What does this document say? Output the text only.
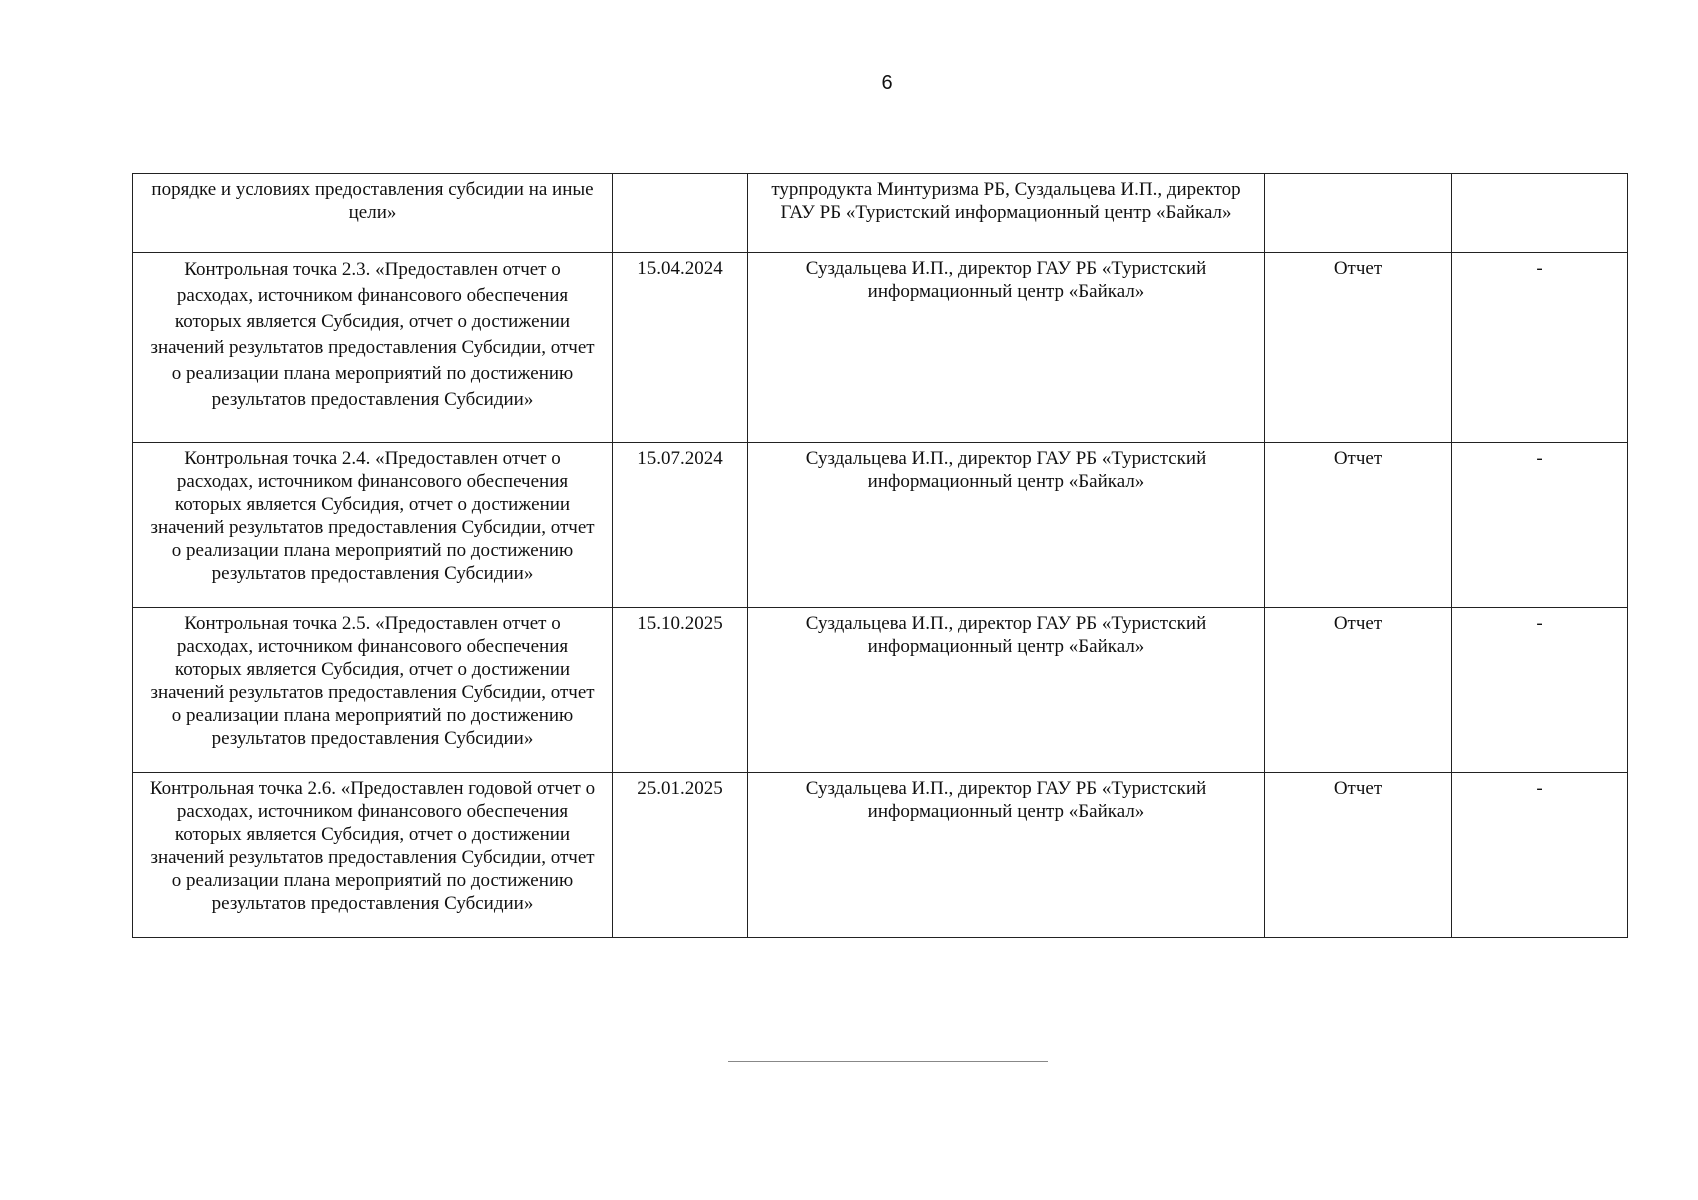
6
порядке и условиях предоставления субсидии на иные цели»		турпродукта Минтуризма РБ, Суздальцева И.П., директор ГАУ РБ «Туристский информационный центр «Байкал»		
Контрольная точка 2.3. «Предоставлен отчет о расходах, источником финансового обеспечения которых является Субсидия, отчет о достижении значений результатов предоставления Субсидии, отчет о реализации плана мероприятий по достижению результатов предоставления Субсидии»	15.04.2024	Суздальцева И.П., директор ГАУ РБ «Туристский информационный центр «Байкал»	Отчет	-
Контрольная точка 2.4. «Предоставлен отчет о расходах, источником финансового обеспечения которых является Субсидия, отчет о достижении значений результатов предоставления Субсидии, отчет о реализации плана мероприятий по достижению результатов предоставления Субсидии»	15.07.2024	Суздальцева И.П., директор ГАУ РБ «Туристский информационный центр «Байкал»	Отчет	-
Контрольная точка 2.5. «Предоставлен отчет о расходах, источником финансового обеспечения которых является Субсидия, отчет о достижении значений результатов предоставления Субсидии, отчет о реализации плана мероприятий по достижению результатов предоставления Субсидии»	15.10.2025	Суздальцева И.П., директор ГАУ РБ «Туристский информационный центр «Байкал»	Отчет	-
Контрольная точка 2.6. «Предоставлен годовой отчет о расходах, источником финансового обеспечения которых является Субсидия, отчет о достижении значений результатов предоставления Субсидии, отчет о реализации плана мероприятий по достижению результатов предоставления Субсидии»	25.01.2025	Суздальцева И.П., директор ГАУ РБ «Туристский информационный центр «Байкал»	Отчет	-
